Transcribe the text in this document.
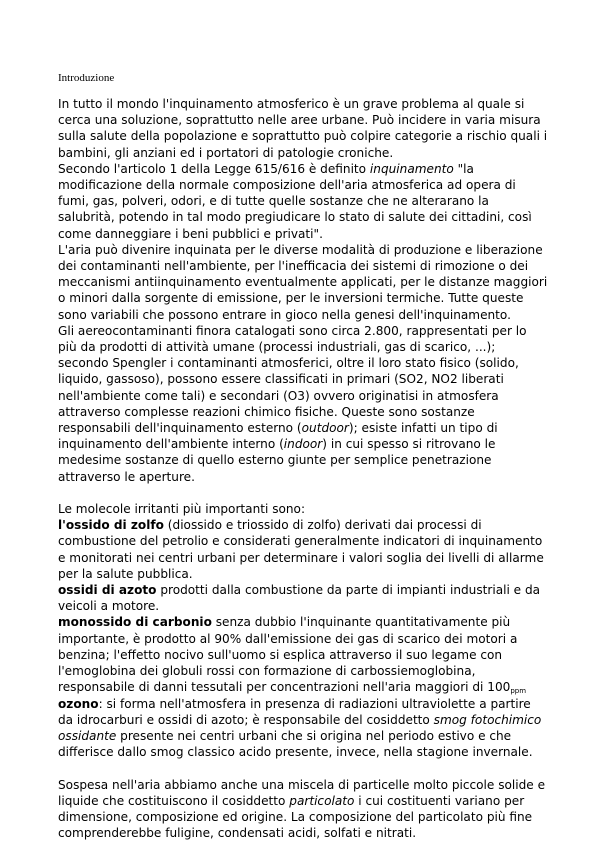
Introduzione

In tutto il mondo l'inquinamento atmosferico è un grave problema al quale si cerca una soluzione, soprattutto nelle aree urbane. Può incidere in varia misura sulla salute della popolazione e soprattutto può colpire categorie a rischio quali i bambini, gli anziani ed i portatori di patologie croniche.

Secondo l'articolo 1 della Legge 615/616 è definito inquinamento "la modificazione della normale composizione dell'aria atmosferica ad opera di fumi, gas, polveri, odori, e di tutte quelle sostanze che ne alterarano la salubrità, potendo in tal modo pregiudicare lo stato di salute dei cittadini, così come danneggiare i beni pubblici e privati".

L'aria può divenire inquinata per le diverse modalità di produzione e liberazione dei contaminanti nell'ambiente, per l'inefficacia dei sistemi di rimozione o dei meccanismi antiinquinamento eventualmente applicati, per le distanze maggiori o minori dalla sorgente di emissione, per le inversioni termiche. Tutte queste sono variabili che possono entrare in gioco nella genesi dell'inquinamento.

Gli aereocontaminanti finora catalogati sono circa 2.800, rappresentati per lo più da prodotti di attività umane (processi industriali, gas di scarico, ...); secondo Spengler i contaminanti atmosferici, oltre il loro stato fisico (solido, liquido, gassoso), possono essere classificati in primari (SO2, NO2 liberati nell'ambiente come tali) e secondari (O3) ovvero originatisi in atmosfera attraverso complesse reazioni chimico fisiche. Queste sono sostanze responsabili dell'inquinamento esterno (outdoor); esiste infatti un tipo di inquinamento dell'ambiente interno (indoor) in cui spesso si ritrovano le medesime sostanze di quello esterno giunte per semplice penetrazione attraverso le aperture.

Le molecole irritanti più importanti sono:

l'ossido di zolfo (diossido e triossido di zolfo) derivati dai processi di combustione del petrolio e considerati generalmente indicatori di inquinamento e monitorati nei centri urbani per determinare i valori soglia dei livelli di allarme per la salute pubblica.

ossidi di azoto prodotti dalla combustione da parte di impianti industriali e da veicoli a motore.

monossido di carbonio senza dubbio l'inquinante quantitativamente più importante, è prodotto al 90% dall'emissione dei gas di scarico dei motori a benzina; l'effetto nocivo sull'uomo si esplica attraverso il suo legame con l'emoglobina dei globuli rossi con formazione di carbossiemoglobina, responsabile di danni tessutali per concentrazioni nell'aria maggiori di $100_{ppm}$

ozono: si forma nell'atmosfera in presenza di radiazioni ultraviolette a partire da idrocarburi e ossidi di azoto; è responsabile del cosiddetto smog fotochimico ossidante presente nei centri urbani che si origina nel periodo estivo e che differisce dallo smog classico acido presente, invece, nella stagione invernale.

Sospesa nell'aria abbiamo anche una miscela di particelle molto piccole solide e liquide che costituiscono il cosiddetto particolato i cui costituenti variano per dimensione, composizione ed origine. La composizione del particolato più fine comprenderebbe fuligine, condensati acidi, solfati e nitrati.
